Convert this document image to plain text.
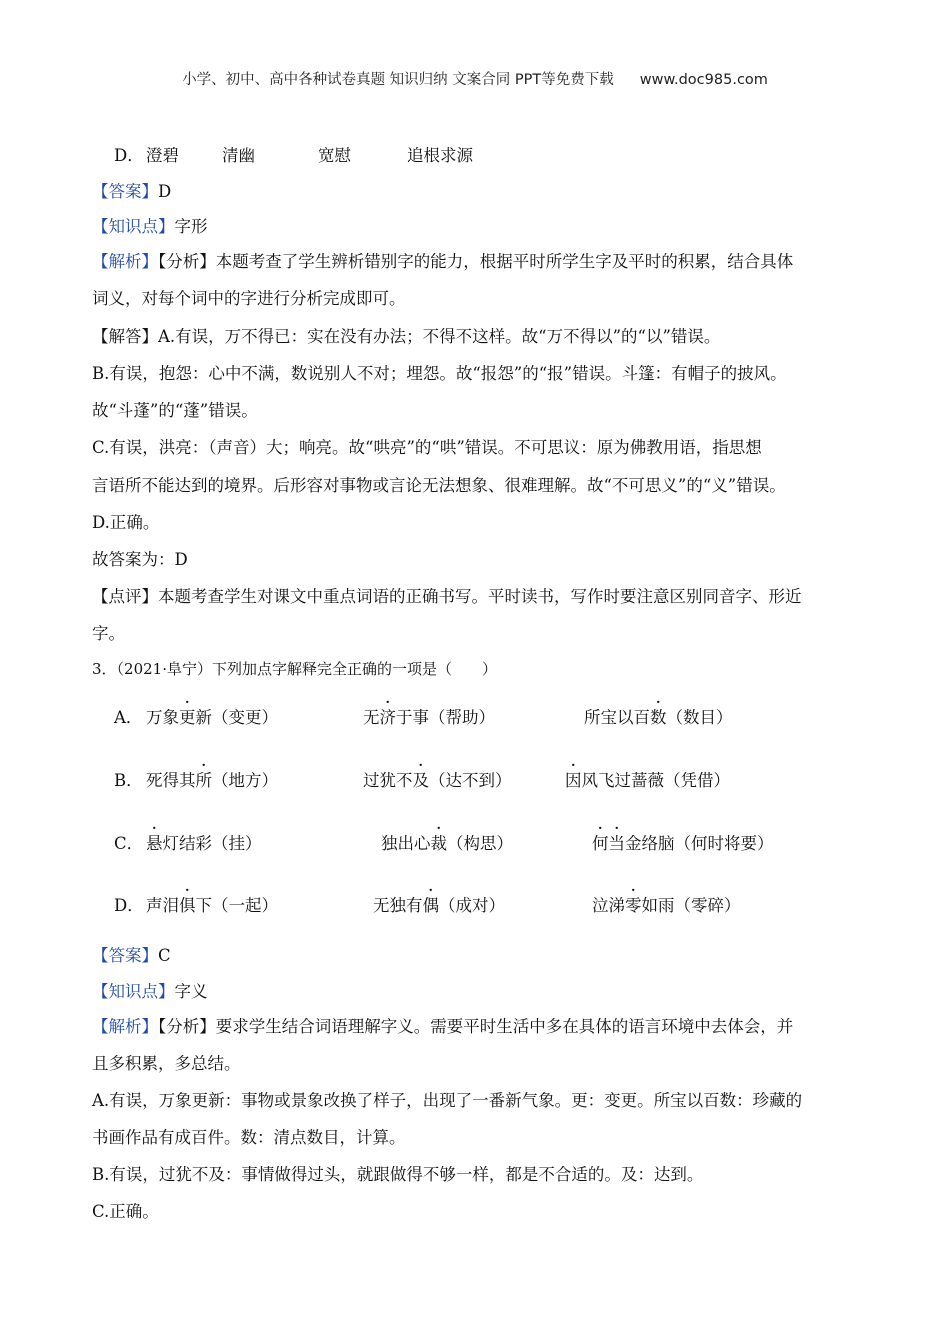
小学、初中、高中各种试卷真题 知识归纳 文案合同 PPT等免费下载 www.doc985.com
D． 澄碧	清幽	宽慰	追根求源
【答案】D
【知识点】字形
【解析】【分析】本题考查了学生辨析错别字的能力，根据平时所学生字及平时的积累，结合具体
词义，对每个词中的字进行分析完成即可。
【解答】A.有误，万不得已：实在没有办法；不得不这样。故“万不得以”的“以”错误。
B.有误，抱怨：心中不满，数说别人不对；埋怨。故“报怨”的“报”错误。斗篷：有帽子的披风。
故“斗蓬”的“蓬”错误。
C.有误，洪亮：（声音）大；响亮。故“哄亮”的“哄”错误。不可思议：原为佛教用语，指思想
言语所不能达到的境界。后形容对事物或言论无法想象、很难理解。故“不可思义”的“义”错误。
D.正确。
故答案为：D
【点评】本题考查学生对课文中重点词语的正确书写。平时读书，写作时要注意区别同音字、形近
字。
3．（2021·阜宁）下列加点字解释完全正确的一项是（　　）
A． 万象更新（变更）	无济于事（帮助）	所宝以百数（数目）
B． 死得其所（地方）	过犹不及（达不到）	因风飞过蔷薇（凭借）
C． 悬灯结彩（挂）	独出心裁（构思）	何当金络脑（何时将要）
D． 声泪俱下（一起）	无独有偶（成对）	泣涕零如雨（零碎）
【答案】C
【知识点】字义
【解析】【分析】要求学生结合词语理解字义。需要平时生活中多在具体的语言环境中去体会，并
且多积累，多总结。
A.有误，万象更新：事物或景象改换了样子，出现了一番新气象。更：变更。所宝以百数：珍藏的
书画作品有成百件。数：清点数目，计算。
B.有误，过犹不及：事情做得过头，就跟做得不够一样，都是不合适的。及：达到。
C.正确。
